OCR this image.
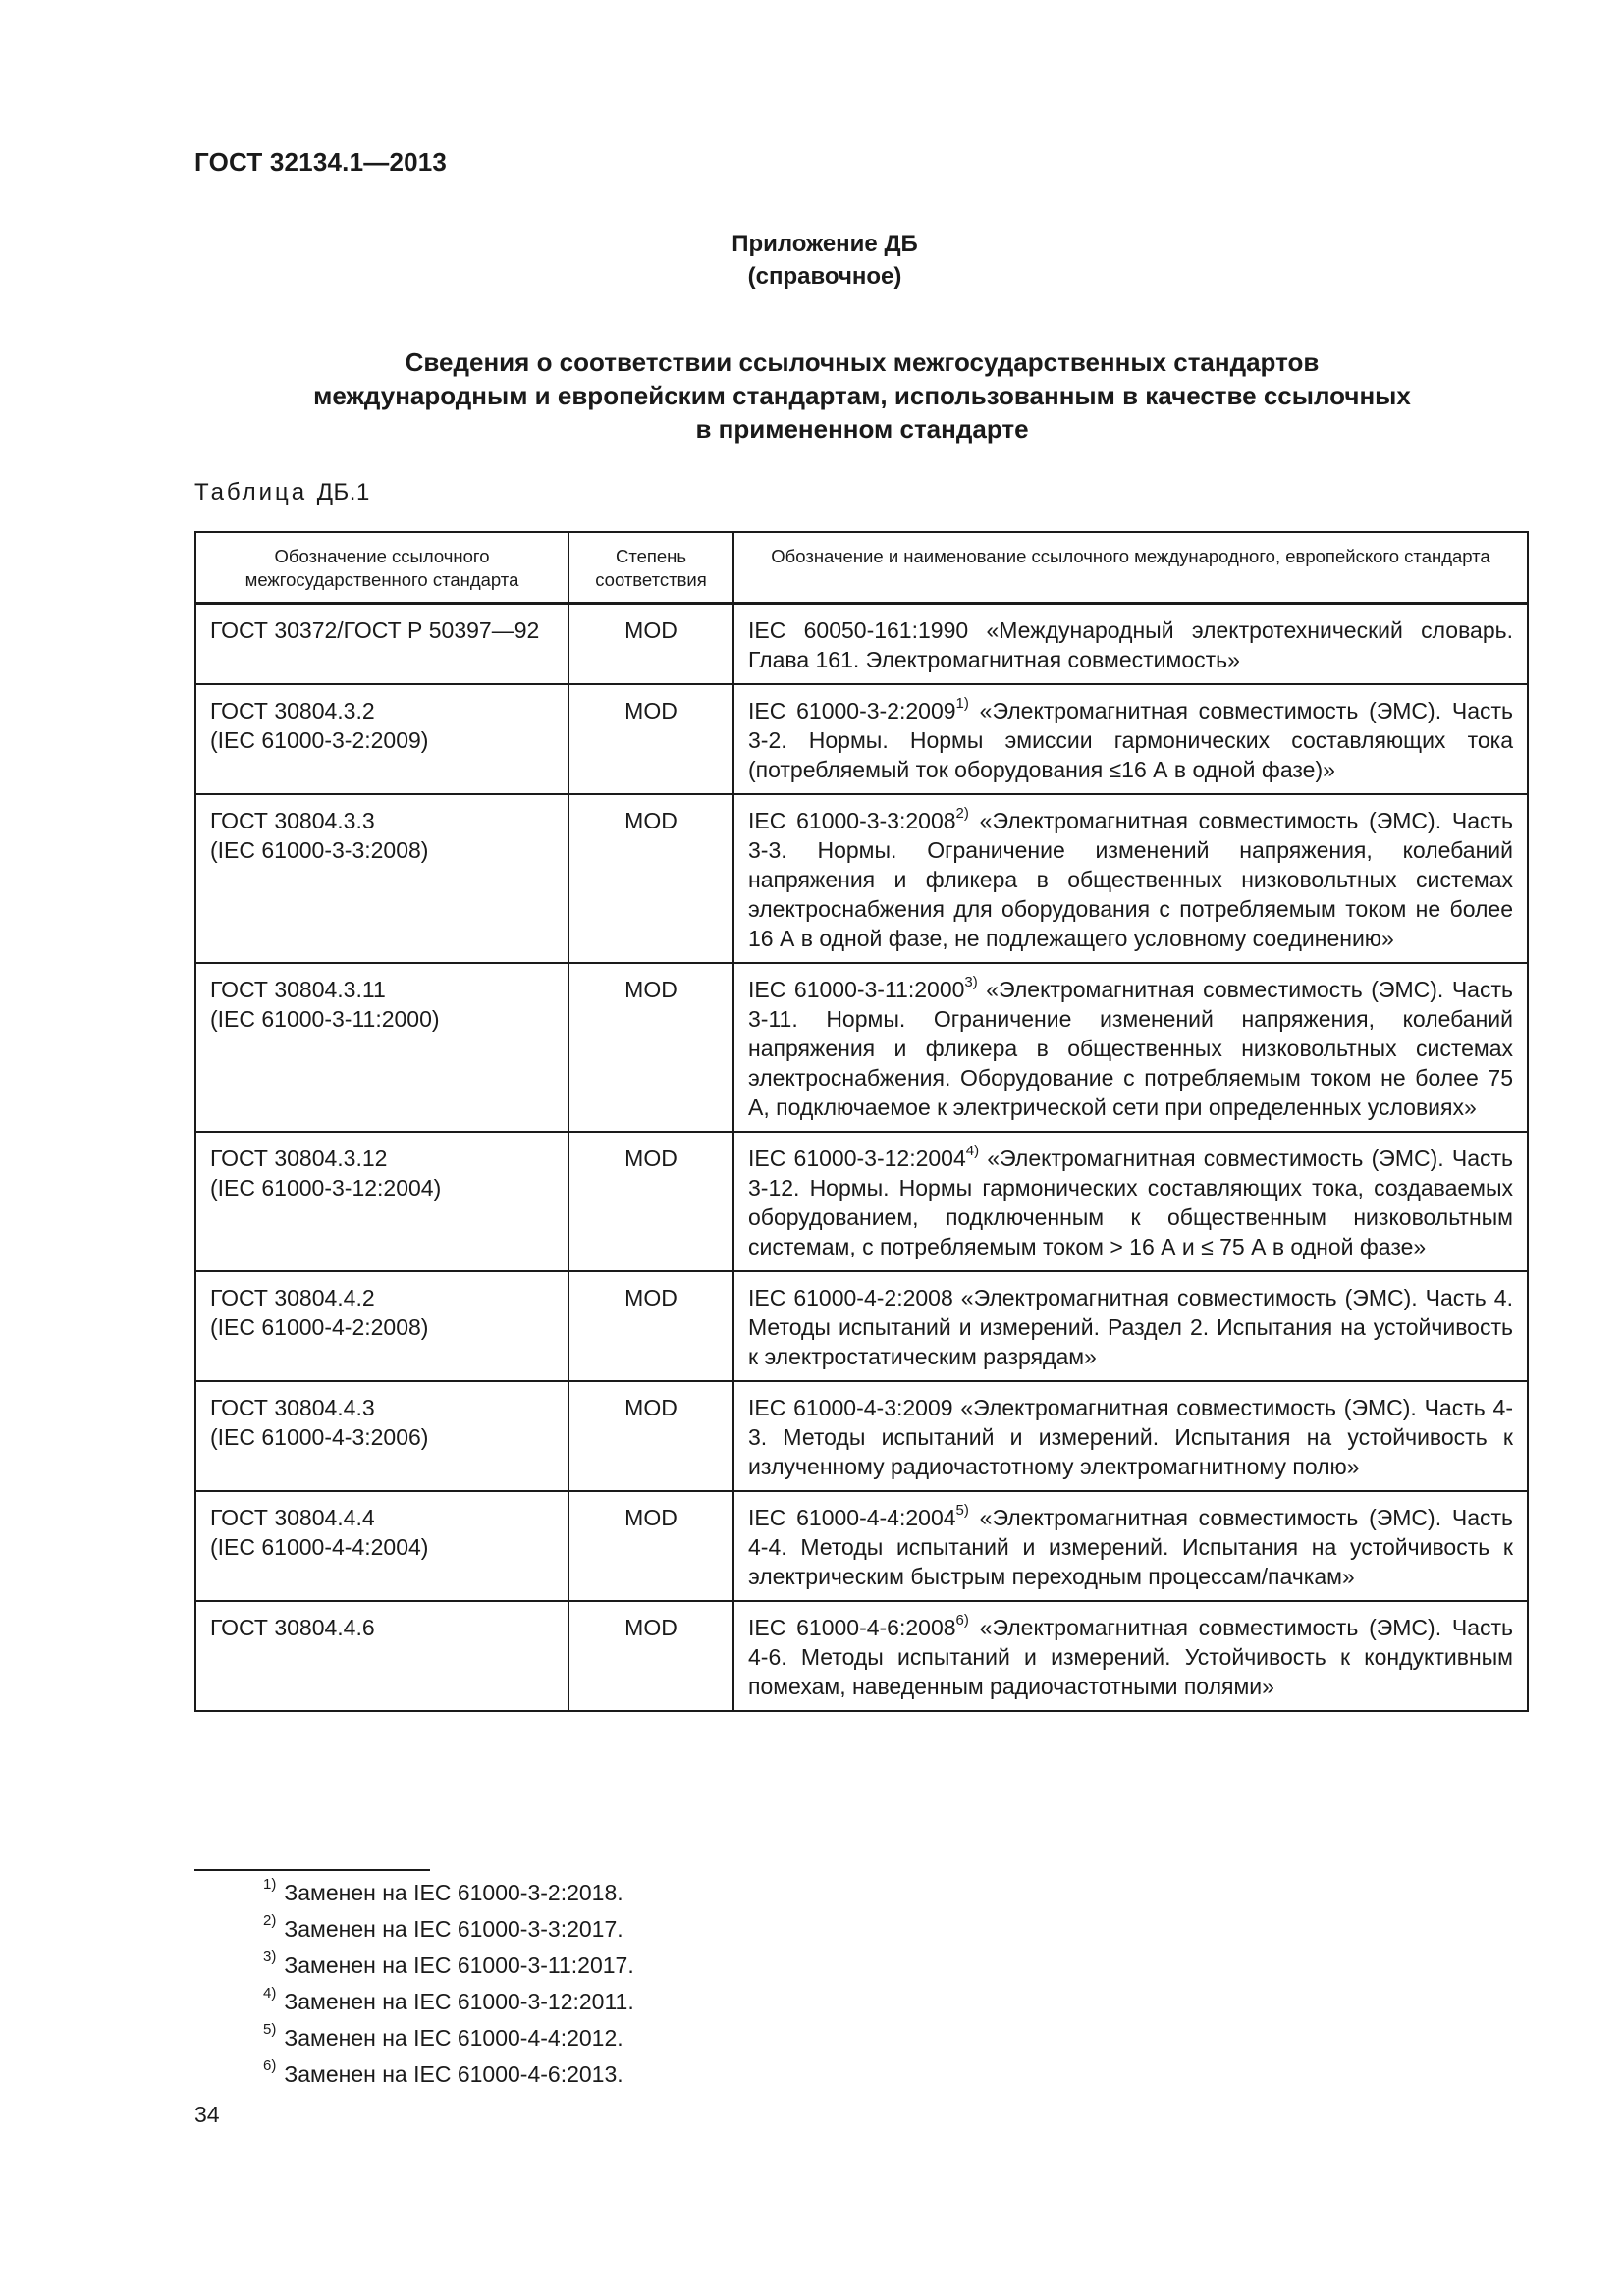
ГОСТ 32134.1—2013
Приложение ДБ
(справочное)
Сведения о соответствии ссылочных межгосударственных стандартов
международным и европейским стандартам, использованным в качестве ссылочных
в примененном стандарте
Таблица ДБ.1
Обозначение ссылочного межгосударственного стандарта	Степень соответствия	Обозначение и наименование ссылочного международного, европейского стандарта
ГОСТ 30372/ГОСТ Р 50397—92	MOD	IEC 60050-161:1990 «Международный электротехнический словарь. Глава 161. Электромагнитная совместимость»
ГОСТ 30804.3.2
(IEC 61000-3-2:2009)	MOD	IEC 61000-3-2:2009$^{1)}$ «Электромагнитная совместимость (ЭМС). Часть 3-2. Нормы. Нормы эмиссии гармонических составляющих тока (потребляемый ток оборудования ≤16 А в одной фазе)»
ГОСТ 30804.3.3
(IEC 61000-3-3:2008)	MOD	IEC 61000-3-3:2008$^{2)}$ «Электромагнитная совместимость (ЭМС). Часть 3-3. Нормы. Ограничение изменений напряжения, колебаний напряжения и фликера в общественных низковольтных системах электроснабжения для оборудования с потребляемым током не более 16 А в одной фазе, не подлежащего условному соединению»
ГОСТ 30804.3.11
(IEC 61000-3-11:2000)	MOD	IEC 61000-3-11:2000$^{3)}$ «Электромагнитная совместимость (ЭМС). Часть 3-11. Нормы. Ограничение изменений напряжения, колебаний напряжения и фликера в общественных низковольтных системах электроснабжения. Оборудование с потребляемым током не более 75 А, подключаемое к электрической сети при определенных условиях»
ГОСТ 30804.3.12
(IEC 61000-3-12:2004)	MOD	IEC 61000-3-12:2004$^{4)}$ «Электромагнитная совместимость (ЭМС). Часть 3-12. Нормы. Нормы гармонических составляющих тока, создаваемых оборудованием, подключенным к общественным низковольтным системам, с потребляемым током > 16 А и ≤ 75 А в одной фазе»
ГОСТ 30804.4.2
(IEC 61000-4-2:2008)	MOD	IEC 61000-4-2:2008 «Электромагнитная совместимость (ЭМС). Часть 4. Методы испытаний и измерений. Раздел 2. Испытания на устойчивость к электростатическим разрядам»
ГОСТ 30804.4.3
(IEC 61000-4-3:2006)	MOD	IEC 61000-4-3:2009 «Электромагнитная совместимость (ЭМС). Часть 4-3. Методы испытаний и измерений. Испытания на устойчивость к излученному радиочастотному электромагнитному полю»
ГОСТ 30804.4.4
(IEC 61000-4-4:2004)	MOD	IEC 61000-4-4:2004$^{5)}$ «Электромагнитная совместимость (ЭМС). Часть 4-4. Методы испытаний и измерений. Испытания на устойчивость к электрическим быстрым переходным процессам/пачкам»
ГОСТ 30804.4.6	MOD	IEC 61000-4-6:2008$^{6)}$ «Электромагнитная совместимость (ЭМС). Часть 4-6. Методы испытаний и измерений. Устойчивость к кондуктивным помехам, наведенным радиочастотными полями»
$^{1)}$ Заменен на IEC 61000-3-2:2018.
$^{2)}$ Заменен на IEC 61000-3-3:2017.
$^{3)}$ Заменен на IEC 61000-3-11:2017.
$^{4)}$ Заменен на IEC 61000-3-12:2011.
$^{5)}$ Заменен на IEC 61000-4-4:2012.
$^{6)}$ Заменен на IEC 61000-4-6:2013.
34
